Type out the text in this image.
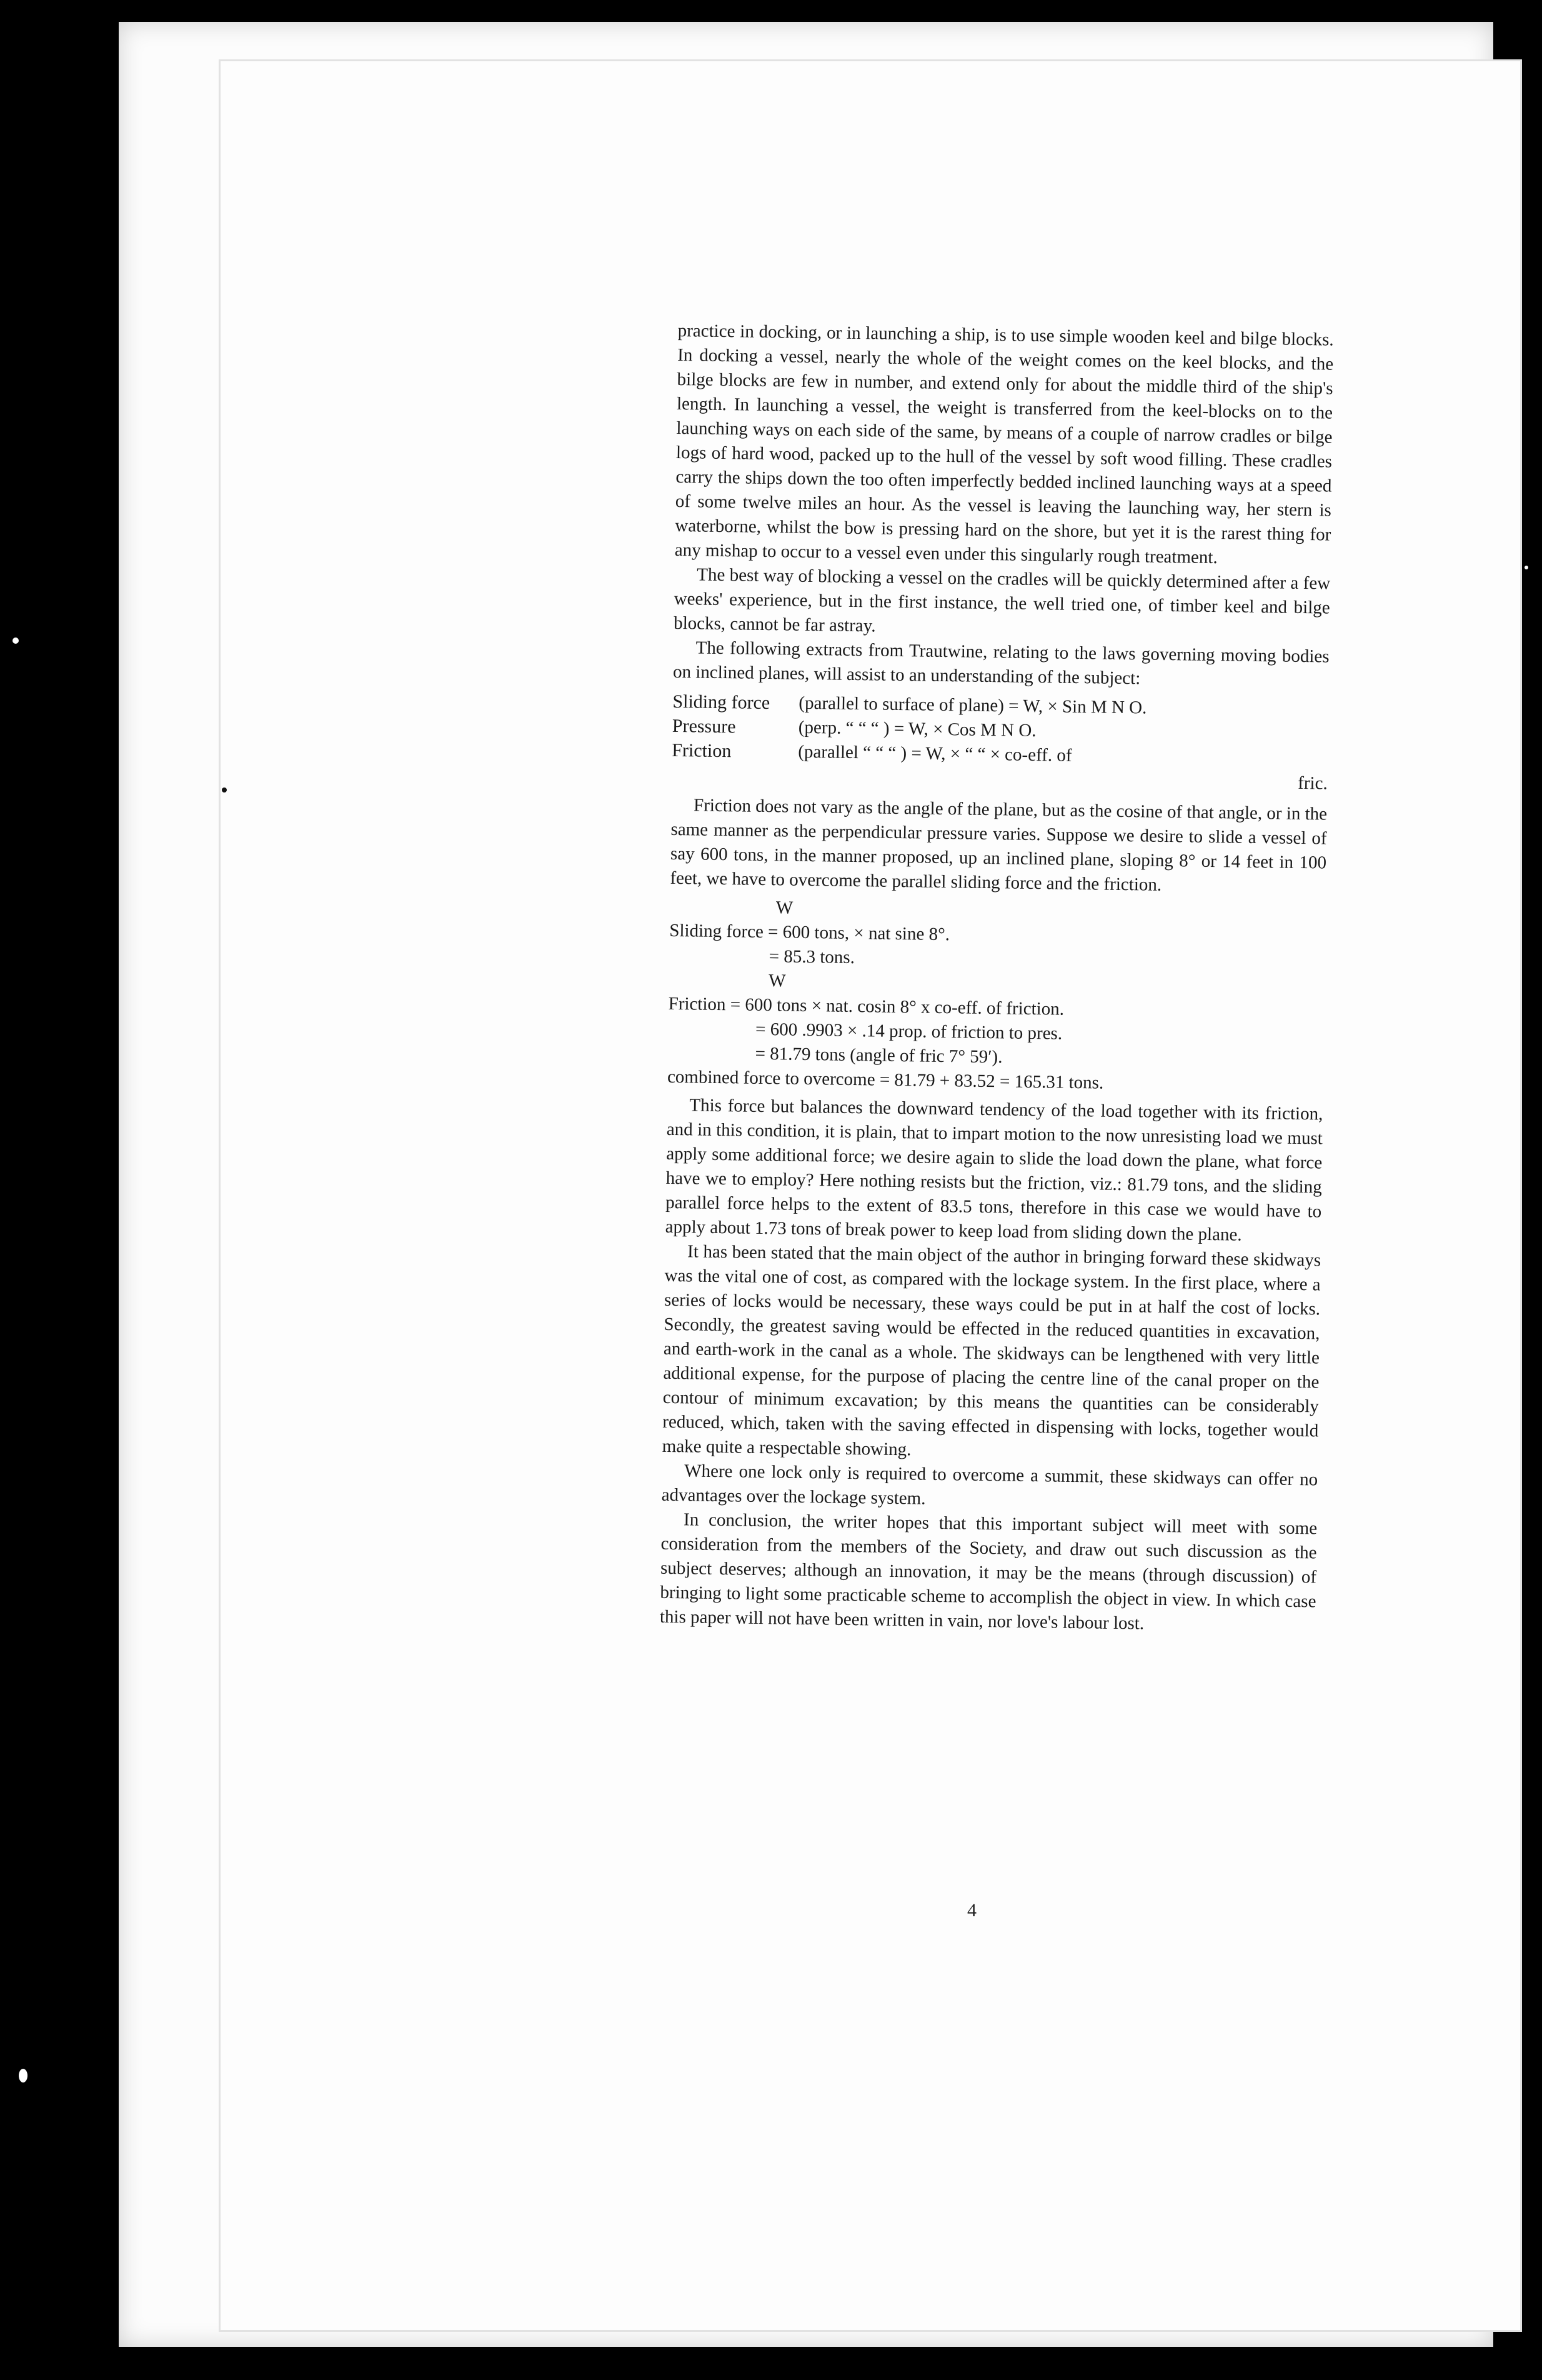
practice in docking, or in launching a ship, is to use simple wooden keel and bilge blocks. In docking a vessel, nearly the whole of the weight comes on the keel blocks, and the bilge blocks are few in number, and extend only for about the middle third of the ship's length. In launching a vessel, the weight is transferred from the keel-blocks on to the launching ways on each side of the same, by means of a couple of narrow cradles or bilge logs of hard wood, packed up to the hull of the vessel by soft wood filling. These cradles carry the ships down the too often imperfectly bedded inclined launching ways at a speed of some twelve miles an hour. As the vessel is leaving the launching way, her stern is waterborne, whilst the bow is pressing hard on the shore, but yet it is the rarest thing for any mishap to occur to a vessel even under this singularly rough treatment.

The best way of blocking a vessel on the cradles will be quickly determined after a few weeks' experience, but in the first instance, the well tried one, of timber keel and bilge blocks, cannot be far astray.

The following extracts from Trautwine, relating to the laws governing moving bodies on inclined planes, will assist to an understanding of the subject:

Sliding force	(parallel to surface of plane) = W, × Sin M N O.
Pressure	(perp. “ “ “ ) = W, × Cos M N O.
Friction	(parallel “ “ “ ) = W, × “ “ × co-eff. of
fric.

Friction does not vary as the angle of the plane, but as the cosine of that angle, or in the same manner as the perpendicular pressure varies. Suppose we desire to slide a vessel of say 600 tons, in the manner proposed, up an inclined plane, sloping 8° or 14 feet in 100 feet, we have to overcome the parallel sliding force and the friction.

W
Sliding force = 600 tons, × nat sine 8°.
= 85.3 tons.
W
Friction = 600 tons × nat. cosin 8° x co-eff. of friction.
= 600 .9903 × .14 prop. of friction to pres.
= 81.79 tons (angle of fric 7° 59′).
combined force to overcome = 81.79 + 83.52 = 165.31 tons.

This force but balances the downward tendency of the load together with its friction, and in this condition, it is plain, that to impart motion to the now unresisting load we must apply some additional force; we desire again to slide the load down the plane, what force have we to employ? Here nothing resists but the friction, viz.: 81.79 tons, and the sliding parallel force helps to the extent of 83.5 tons, therefore in this case we would have to apply about 1.73 tons of break power to keep load from sliding down the plane.

It has been stated that the main object of the author in bringing forward these skidways was the vital one of cost, as compared with the lockage system. In the first place, where a series of locks would be necessary, these ways could be put in at half the cost of locks. Secondly, the greatest saving would be effected in the reduced quantities in excavation, and earth-work in the canal as a whole. The skidways can be lengthened with very little additional expense, for the purpose of placing the centre line of the canal proper on the contour of minimum excavation; by this means the quantities can be considerably reduced, which, taken with the saving effected in dispensing with locks, together would make quite a respectable showing.

Where one lock only is required to overcome a summit, these skidways can offer no advantages over the lockage system.

In conclusion, the writer hopes that this important subject will meet with some consideration from the members of the Society, and draw out such discussion as the subject deserves; although an innovation, it may be the means (through discussion) of bringing to light some practicable scheme to accomplish the object in view. In which case this paper will not have been written in vain, nor love's labour lost.

4
